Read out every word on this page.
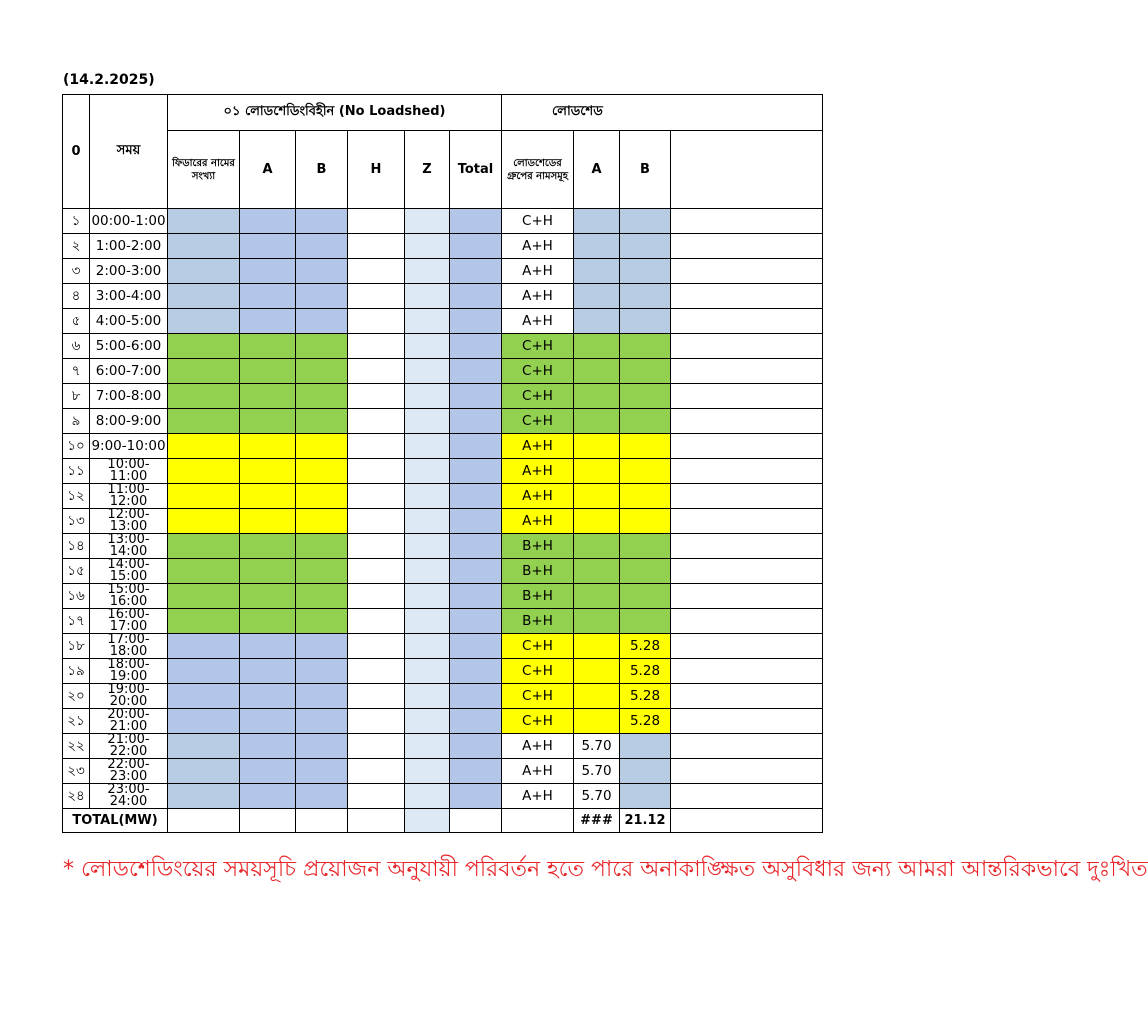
(14.2.2025)
0	সময়	০১ লোডশেডিংবিহীন (No Loadshed)						লোডশেড			
		ফিডারের নামের সংখ্যা	A	B	H	Z	Total	লোডশেডের গ্রুপের নামসমূহ	A	B	
১	00:00-1:00							C+H			
২	1:00-2:00							A+H			
৩	2:00-3:00							A+H			
৪	3:00-4:00							A+H			
৫	4:00-5:00							A+H			
৬	5:00-6:00							C+H			
৭	6:00-7:00							C+H			
৮	7:00-8:00							C+H			
৯	8:00-9:00							C+H			
১০	9:00-10:00							A+H			
১১	10:00-11:00							A+H			
১২	11:00-12:00							A+H			
১৩	12:00-13:00							A+H			
১৪	13:00-14:00							B+H			
১৫	14:00-15:00							B+H			
১৬	15:00-16:00							B+H			
১৭	16:00-17:00							B+H			
১৮	17:00-18:00							C+H		5.28	
১৯	18:00-19:00							C+H		5.28	
২০	19:00-20:00							C+H		5.28	
২১	20:00-21:00							C+H		5.28	
২২	21:00-22:00							A+H	5.70		
২৩	22:00-23:00							A+H	5.70		
২৪	23:00-24:00							A+H	5.70		
TOTAL(MW)									###	21.12	
* লোডশেডিংয়ের সময়সূচি প্রয়োজন অনুযায়ী পরিবর্তন হতে পারে অনাকাঙ্ক্ষিত অসুবিধার জন্য আমরা আন্তরিকভাবে দুঃখিত
